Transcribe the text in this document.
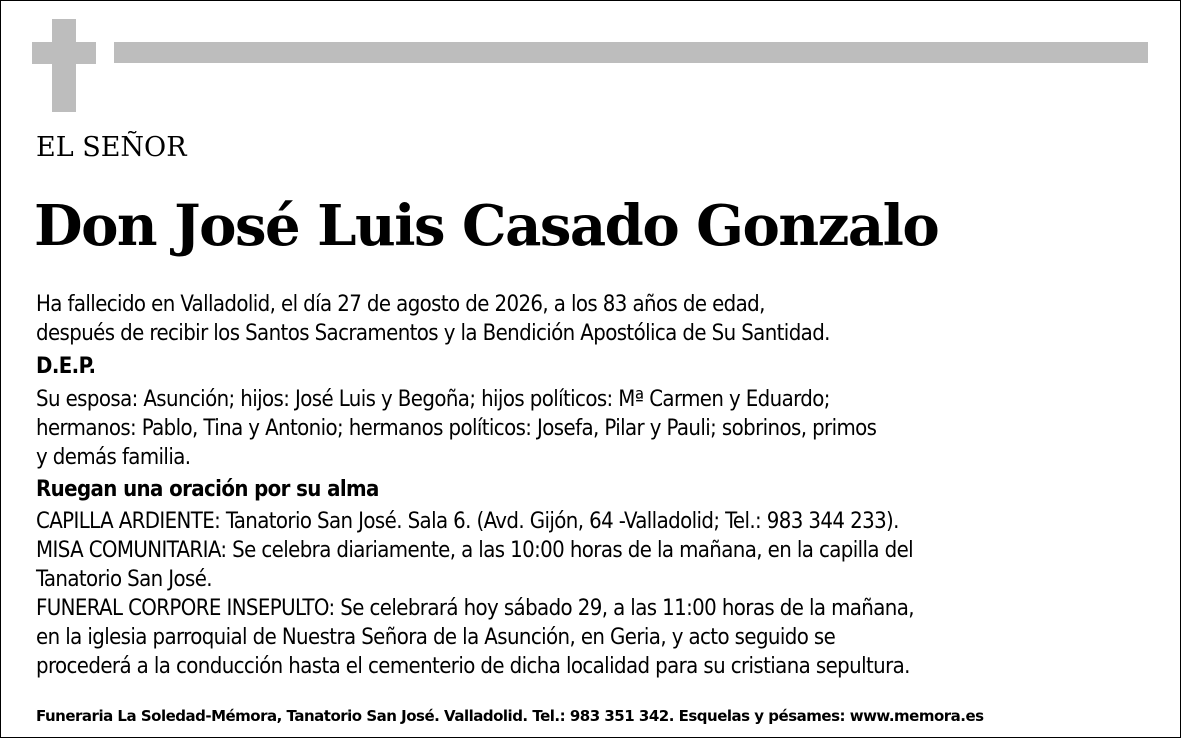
EL SEÑOR
Don José Luis Casado Gonzalo
Ha fallecido en Valladolid, el día 27 de agosto de 2026, a los 83 años de edad,
después de recibir los Santos Sacramentos y la Bendición Apostólica de Su Santidad.
D.E.P.
Su esposa: Asunción; hijos: José Luis y Begoña; hijos políticos: Mª Carmen y Eduardo;
hermanos: Pablo, Tina y Antonio; hermanos políticos: Josefa, Pilar y Pauli; sobrinos, primos
y demás familia.
Ruegan una oración por su alma
CAPILLA ARDIENTE: Tanatorio San José. Sala 6. (Avd. Gijón, 64 -Valladolid; Tel.: 983 344 233).
MISA COMUNITARIA: Se celebra diariamente, a las 10:00 horas de la mañana, en la capilla del
Tanatorio San José.
FUNERAL CORPORE INSEPULTO: Se celebrará hoy sábado 29, a las 11:00 horas de la mañana,
en la iglesia parroquial de Nuestra Señora de la Asunción, en Geria, y acto seguido se
procederá a la conducción hasta el cementerio de dicha localidad para su cristiana sepultura.
Funeraria La Soledad-Mémora, Tanatorio San José. Valladolid. Tel.: 983 351 342. Esquelas y pésames: www.memora.es
